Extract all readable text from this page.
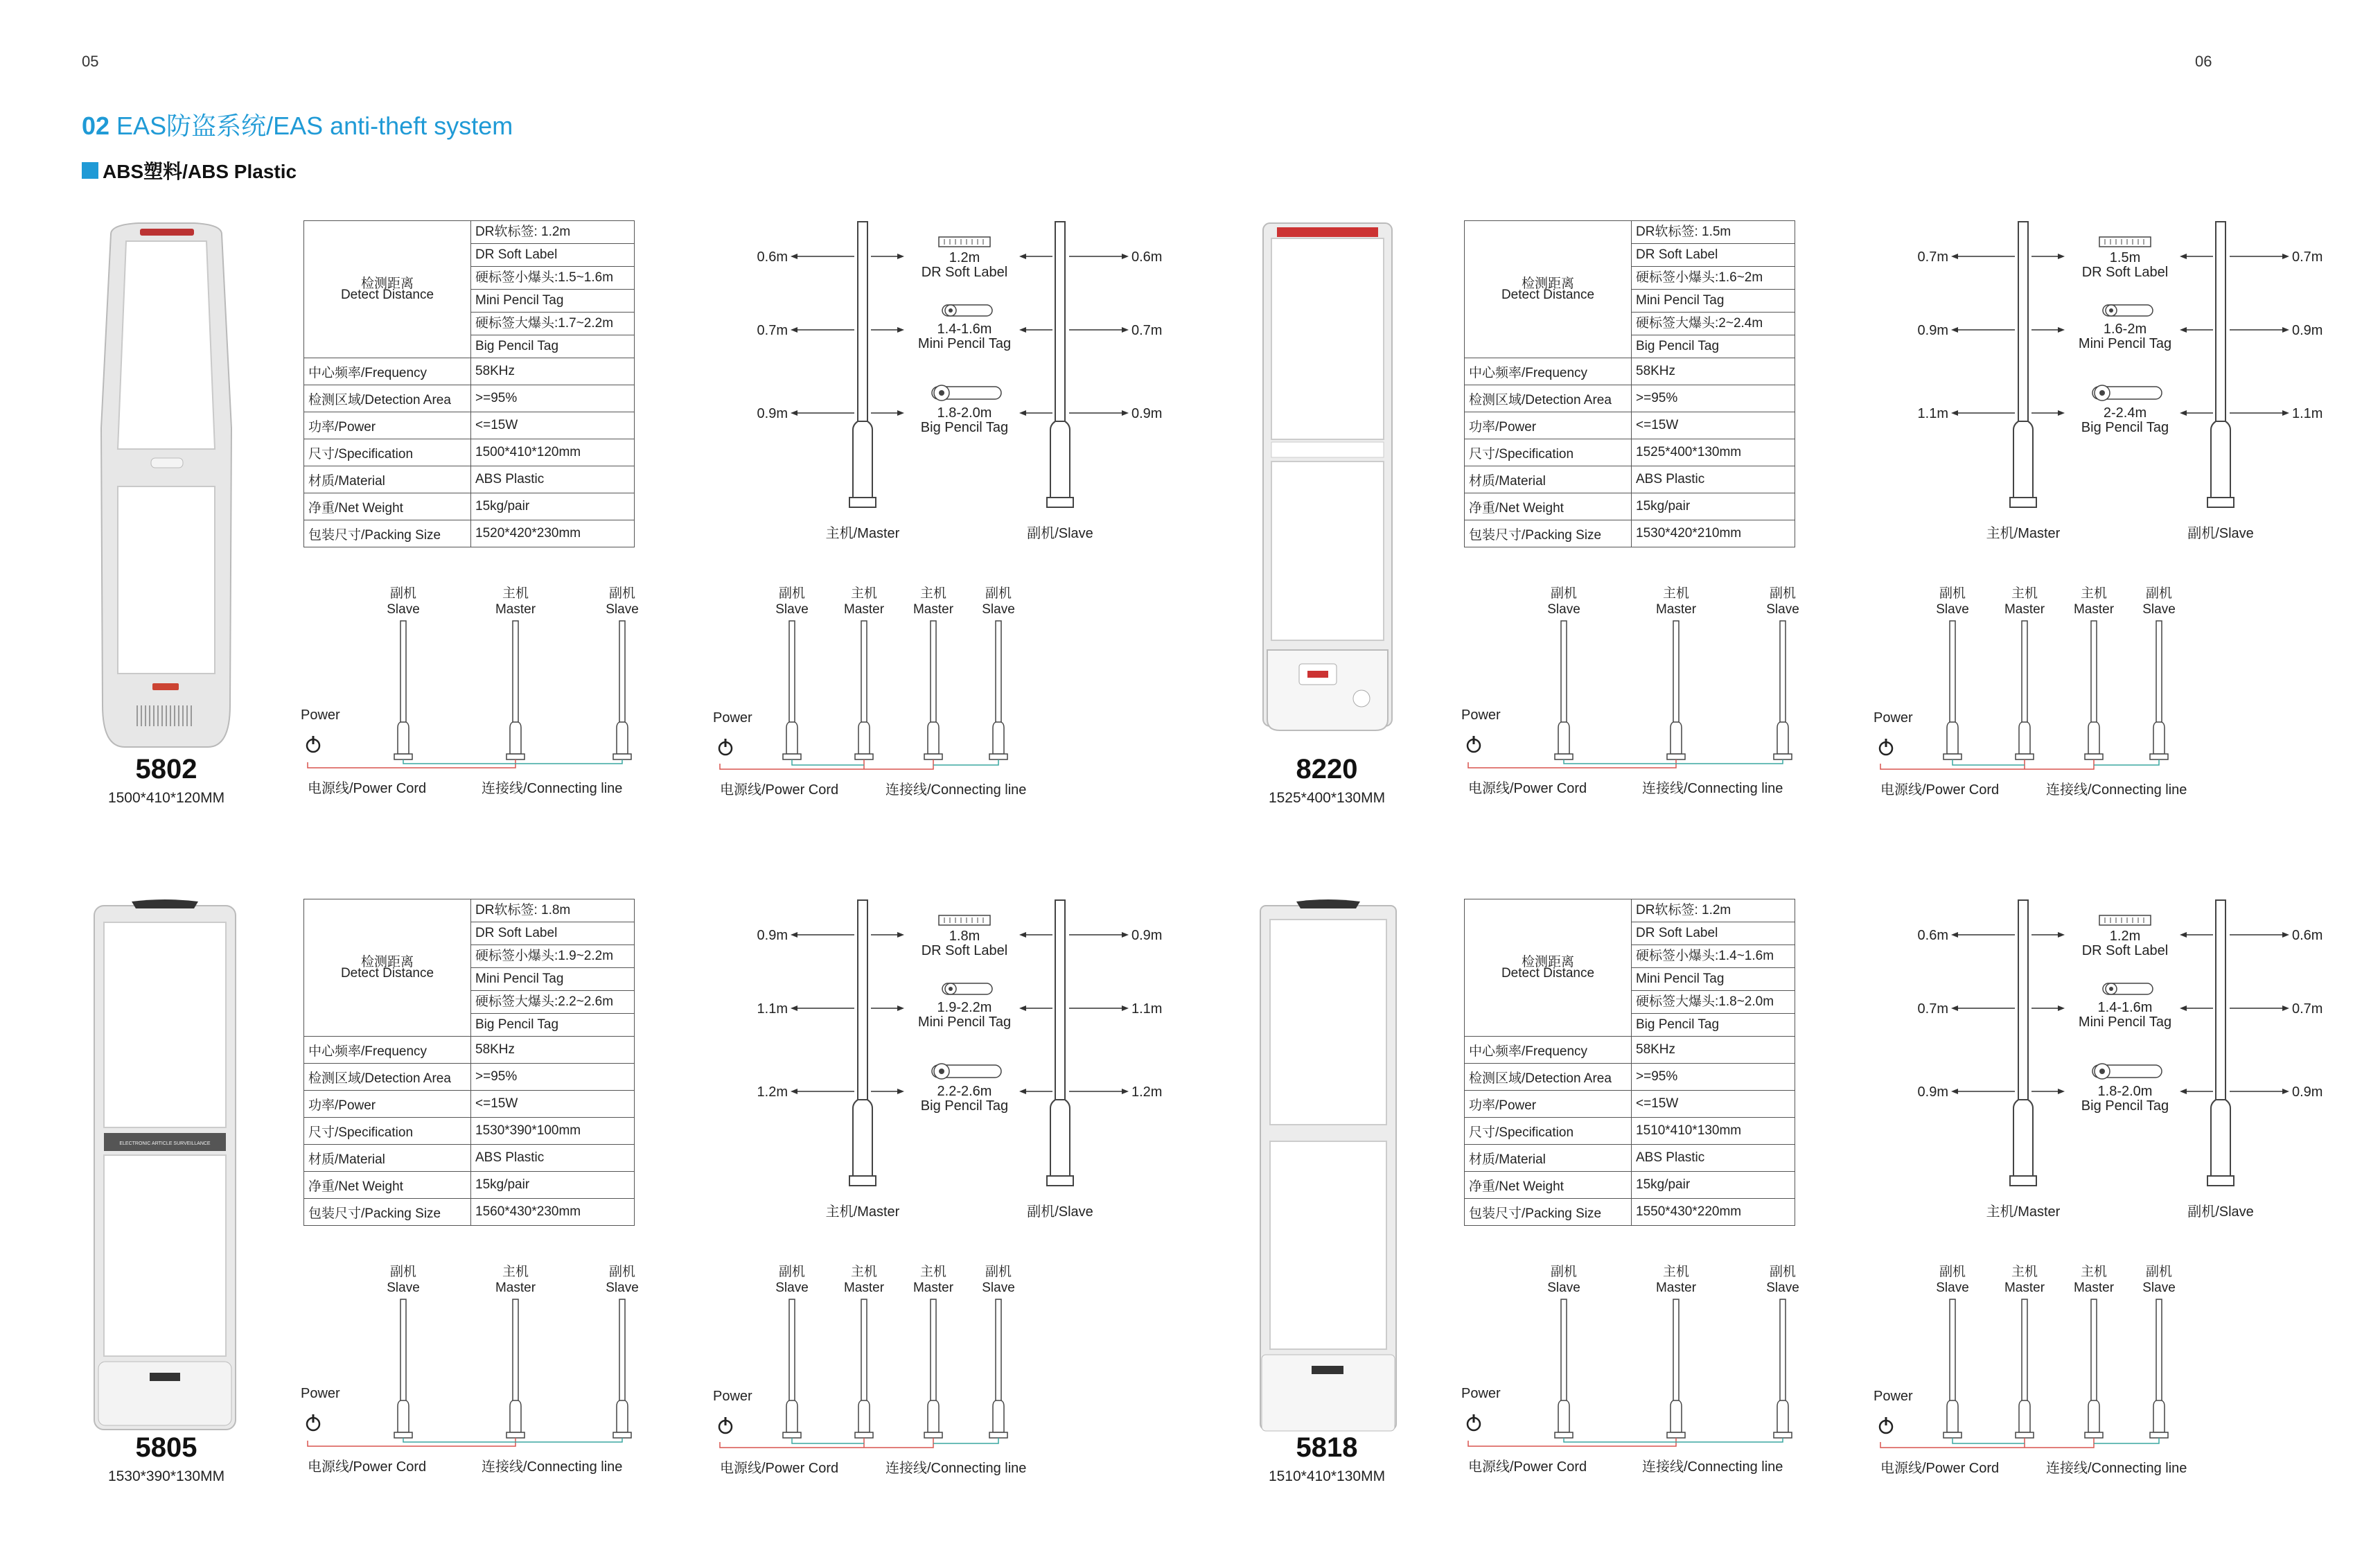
05	06
02 EAS防盗系统/EAS anti-theft system
ABS塑料/ABS Plastic
5802
1500*410*120MM
检测距离
Detect Distance	DR软标签: 1.2m
	DR Soft Label
	硬标签小爆头:1.5~1.6m
	Mini Pencil Tag
	硬标签大爆头:1.7~2.2m
	Big Pencil Tag
中心频率/Frequency	58KHz
检测区域/Detection Area	>=95%
功率/Power	<=15W
尺寸/Specification	1500*410*120mm
材质/Material	ABS Plastic
净重/Net Weight	15kg/pair
包装尺寸/Packing Size	1520*420*230mm
0.6m
0.7m
0.9m
0.6m
0.7m
0.9m
1.2m
DR Soft Label
1.4-1.6m
Mini Pencil Tag
1.8-2.0m
Big Pencil Tag
主机/Master	副机/Slave
副机
Slave
主机
Master
副机
Slave
Power
电源线/Power Cord	连接线/Connecting line
副机
Slave
主机
Master
主机
Master
副机
Slave
Power
电源线/Power Cord	连接线/Connecting line
8220
1525*400*130MM
检测距离
Detect Distance	DR软标签: 1.5m
	DR Soft Label
	硬标签小爆头:1.6~2m
	Mini Pencil Tag
	硬标签大爆头:2~2.4m
	Big Pencil Tag
中心频率/Frequency	58KHz
检测区域/Detection Area	>=95%
功率/Power	<=15W
尺寸/Specification	1525*400*130mm
材质/Material	ABS Plastic
净重/Net Weight	15kg/pair
包装尺寸/Packing Size	1530*420*210mm
0.7m
0.9m
1.1m
0.7m
0.9m
1.1m
1.5m
DR Soft Label
1.6-2m
Mini Pencil Tag
2-2.4m
Big Pencil Tag
主机/Master	副机/Slave
副机
Slave
主机
Master
副机
Slave
Power
电源线/Power Cord	连接线/Connecting line
副机
Slave
主机
Master
主机
Master
副机
Slave
Power
电源线/Power Cord	连接线/Connecting line
ELECTRONIC ARTICLE SURVEILLANCE
5805
1530*390*130MM
检测距离
Detect Distance	DR软标签: 1.8m
	DR Soft Label
	硬标签小爆头:1.9~2.2m
	Mini Pencil Tag
	硬标签大爆头:2.2~2.6m
	Big Pencil Tag
中心频率/Frequency	58KHz
检测区域/Detection Area	>=95%
功率/Power	<=15W
尺寸/Specification	1530*390*100mm
材质/Material	ABS Plastic
净重/Net Weight	15kg/pair
包装尺寸/Packing Size	1560*430*230mm
0.9m
1.1m
1.2m
0.9m
1.1m
1.2m
1.8m
DR Soft Label
1.9-2.2m
Mini Pencil Tag
2.2-2.6m
Big Pencil Tag
主机/Master	副机/Slave
副机
Slave
主机
Master
副机
Slave
Power
电源线/Power Cord	连接线/Connecting line
副机
Slave
主机
Master
主机
Master
副机
Slave
Power
电源线/Power Cord	连接线/Connecting line
5818
1510*410*130MM
检测距离
Detect Distance	DR软标签: 1.2m
	DR Soft Label
	硬标签小爆头:1.4~1.6m
	Mini Pencil Tag
	硬标签大爆头:1.8~2.0m
	Big Pencil Tag
中心频率/Frequency	58KHz
检测区域/Detection Area	>=95%
功率/Power	<=15W
尺寸/Specification	1510*410*130mm
材质/Material	ABS Plastic
净重/Net Weight	15kg/pair
包装尺寸/Packing Size	1550*430*220mm
0.6m
0.7m
0.9m
0.6m
0.7m
0.9m
1.2m
DR Soft Label
1.4-1.6m
Mini Pencil Tag
1.8-2.0m
Big Pencil Tag
主机/Master	副机/Slave
副机
Slave
主机
Master
副机
Slave
Power
电源线/Power Cord	连接线/Connecting line
副机
Slave
主机
Master
主机
Master
副机
Slave
Power
电源线/Power Cord	连接线/Connecting line
